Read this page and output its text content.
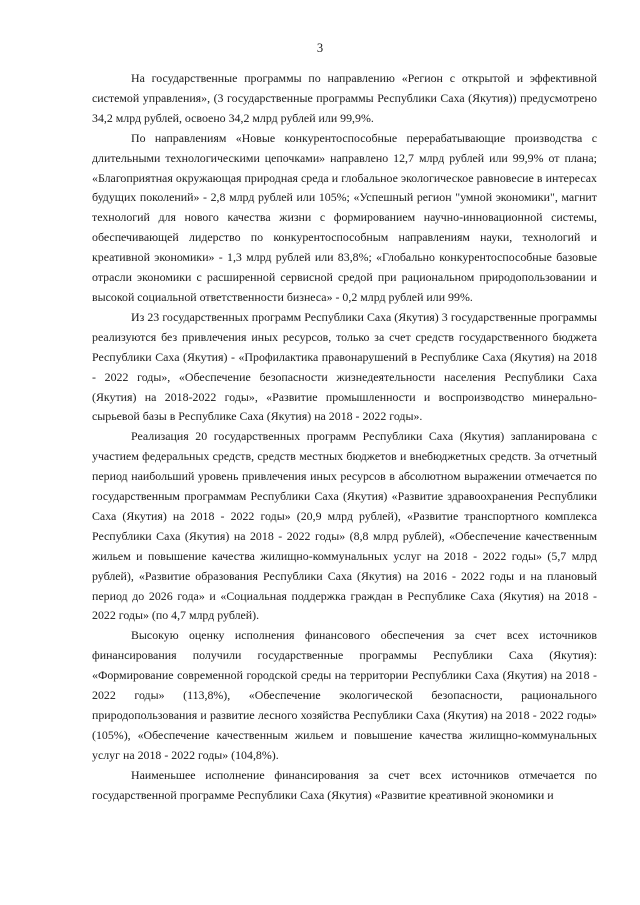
3

На государственные программы по направлению «Регион с открытой и эффективной системой управления», (3 государственные программы Республики Саха (Якутия)) предусмотрено 34,2 млрд рублей, освоено 34,2 млрд рублей или 99,9%.

По направлениям «Новые конкурентоспособные перерабатывающие производства с длительными технологическими цепочками» направлено 12,7 млрд рублей или 99,9% от плана; «Благоприятная окружающая природная среда и глобальное экологическое равновесие в интересах будущих поколений» - 2,8 млрд рублей или 105%; «Успешный регион "умной экономики", магнит технологий для нового качества жизни с формированием научно-инновационной системы, обеспечивающей лидерство по конкурентоспособным направлениям науки, технологий и креативной экономики» - 1,3 млрд рублей или 83,8%; «Глобально конкурентоспособные базовые отрасли экономики с расширенной сервисной средой при рациональном природопользовании и высокой социальной ответственности бизнеса» - 0,2 млрд рублей или 99%.

Из 23 государственных программ Республики Саха (Якутия) 3 государственные программы реализуются без привлечения иных ресурсов, только за счет средств государственного бюджета Республики Саха (Якутия) - «Профилактика правонарушений в Республике Саха (Якутия) на 2018 - 2022 годы», «Обеспечение безопасности жизнедеятельности населения Республики Саха (Якутия) на 2018-2022 годы», «Развитие промышленности и воспроизводство минерально-сырьевой базы в Республике Саха (Якутия) на 2018 - 2022 годы».

Реализация 20 государственных программ Республики Саха (Якутия) запланирована с участием федеральных средств, средств местных бюджетов и внебюджетных средств. За отчетный период наибольший уровень привлечения иных ресурсов в абсолютном выражении отмечается по государственным программам Республики Саха (Якутия) «Развитие здравоохранения Республики Саха (Якутия) на 2018 - 2022 годы» (20,9 млрд рублей), «Развитие транспортного комплекса Республики Саха (Якутия) на 2018 - 2022 годы» (8,8 млрд рублей), «Обеспечение качественным жильем и повышение качества жилищно-коммунальных услуг на 2018 - 2022 годы» (5,7 млрд рублей), «Развитие образования Республики Саха (Якутия) на 2016 - 2022 годы и на плановый период до 2026 года» и «Социальная поддержка граждан в Республике Саха (Якутия) на 2018 - 2022 годы» (по 4,7 млрд рублей).

Высокую оценку исполнения финансового обеспечения за счет всех источников финансирования получили государственные программы Республики Саха (Якутия): «Формирование современной городской среды на территории Республики Саха (Якутия) на 2018 - 2022 годы» (113,8%), «Обеспечение экологической безопасности, рационального природопользования и развитие лесного хозяйства Республики Саха (Якутия) на 2018 - 2022 годы» (105%), «Обеспечение качественным жильем и повышение качества жилищно-коммунальных услуг на 2018 - 2022 годы» (104,8%).

Наименьшее исполнение финансирования за счет всех источников отмечается по государственной программе Республики Саха (Якутия) «Развитие креативной экономики и
